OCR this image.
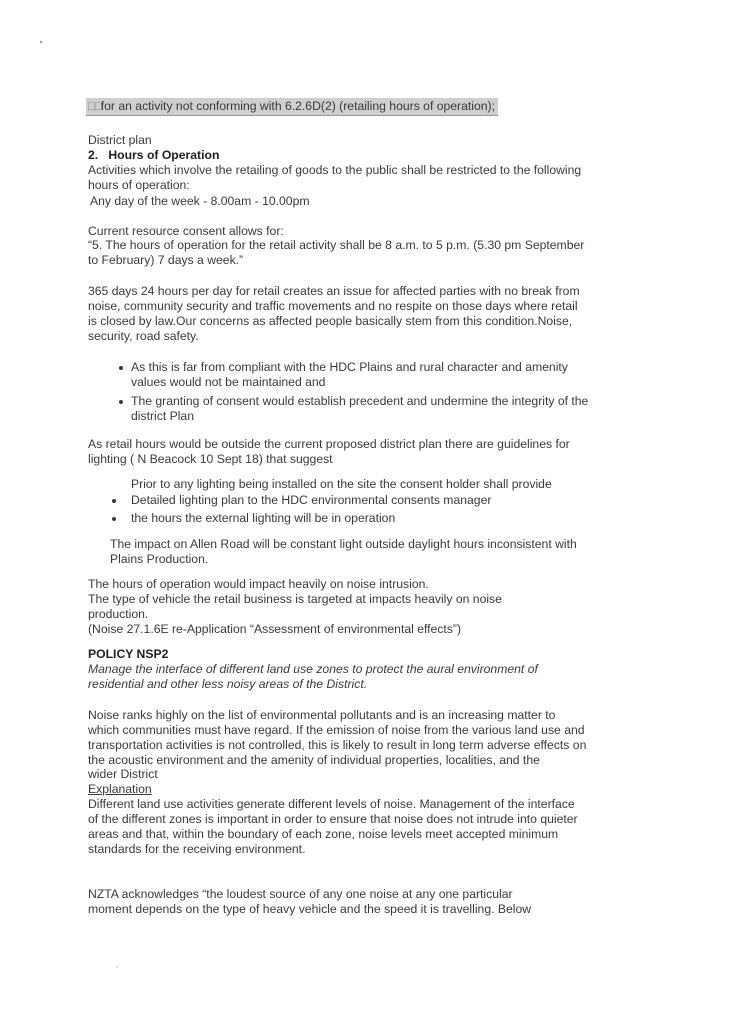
□□for an activity not conforming with 6.2.6D(2) (retailing hours of operation);

District plan

2. Hours of Operation

Activities which involve the retailing of goods to the public shall be restricted to the following

hours of operation:

Any day of the week - 8.00am - 10.00pm

Current resource consent allows for:

“5. The hours of operation for the retail activity shall be 8 a.m. to 5 p.m. (5.30 pm September

to February) 7 days a week.”

365 days 24 hours per day for retail creates an issue for affected parties with no break from

noise, community security and traffic movements and no respite on those days where retail

is closed by law.Our concerns as affected people basically stem from this condition.Noise,

security, road safety.

As this is far from compliant with the HDC Plains and rural character and amenity

values would not be maintained and

The granting of consent would establish precedent and undermine the integrity of the

district Plan

As retail hours would be outside the current proposed district plan there are guidelines for

lighting ( N Beacock 10 Sept 18) that suggest

Prior to any lighting being installed on the site the consent holder shall provide

Detailed lighting plan to the HDC environmental consents manager

the hours the external lighting will be in operation

The impact on Allen Road will be constant light outside daylight hours inconsistent with

Plains Production.

The hours of operation would impact heavily on noise intrusion.

The type of vehicle the retail business is targeted at impacts heavily on noise

production.

(Noise 27.1.6E re-Application “Assessment of environmental effects”)

POLICY NSP2

Manage the interface of different land use zones to protect the aural environment of

residential and other less noisy areas of the District.

Noise ranks highly on the list of environmental pollutants and is an increasing matter to

which communities must have regard. If the emission of noise from the various land use and

transportation activities is not controlled, this is likely to result in long term adverse effects on

the acoustic environment and the amenity of individual properties, localities, and the

wider District

Explanation

Different land use activities generate different levels of noise. Management of the interface

of the different zones is important in order to ensure that noise does not intrude into quieter

areas and that, within the boundary of each zone, noise levels meet accepted minimum

standards for the receiving environment.

NZTA acknowledges “the loudest source of any one noise at any one particular

moment depends on the type of heavy vehicle and the speed it is travelling. Below
